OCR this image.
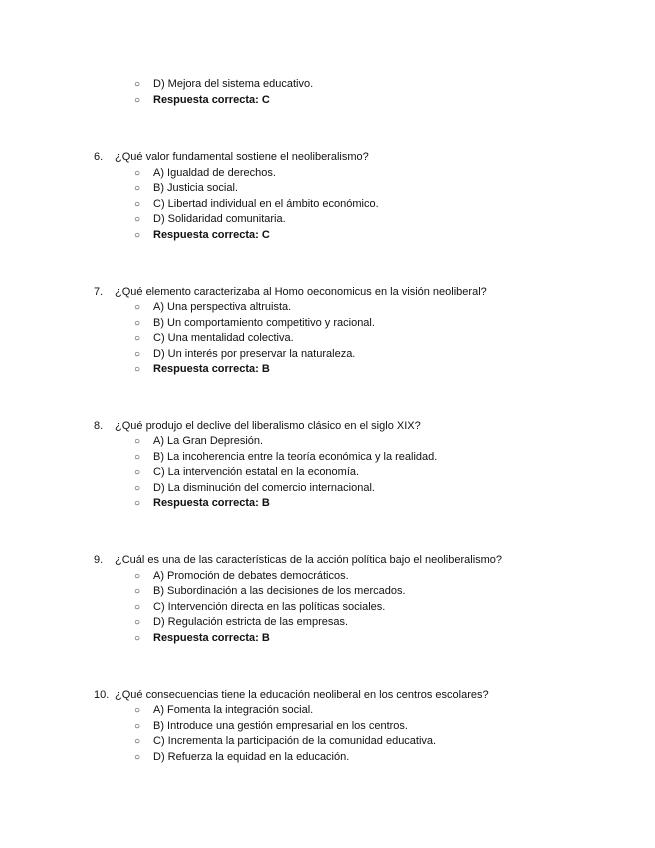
○ D) Mejora del sistema educativo.
○ Respuesta correcta: C
6. ¿Qué valor fundamental sostiene el neoliberalismo?
○ A) Igualdad de derechos.
○ B) Justicia social.
○ C) Libertad individual en el ámbito económico.
○ D) Solidaridad comunitaria.
○ Respuesta correcta: C
7. ¿Qué elemento caracterizaba al Homo oeconomicus en la visión neoliberal?
○ A) Una perspectiva altruista.
○ B) Un comportamiento competitivo y racional.
○ C) Una mentalidad colectiva.
○ D) Un interés por preservar la naturaleza.
○ Respuesta correcta: B
8. ¿Qué produjo el declive del liberalismo clásico en el siglo XIX?
○ A) La Gran Depresión.
○ B) La incoherencia entre la teoría económica y la realidad.
○ C) La intervención estatal en la economía.
○ D) La disminución del comercio internacional.
○ Respuesta correcta: B
9. ¿Cuál es una de las características de la acción política bajo el neoliberalismo?
○ A) Promoción de debates democráticos.
○ B) Subordinación a las decisiones de los mercados.
○ C) Intervención directa en las políticas sociales.
○ D) Regulación estricta de las empresas.
○ Respuesta correcta: B
10. ¿Qué consecuencias tiene la educación neoliberal en los centros escolares?
○ A) Fomenta la integración social.
○ B) Introduce una gestión empresarial en los centros.
○ C) Incrementa la participación de la comunidad educativa.
○ D) Refuerza la equidad en la educación.
